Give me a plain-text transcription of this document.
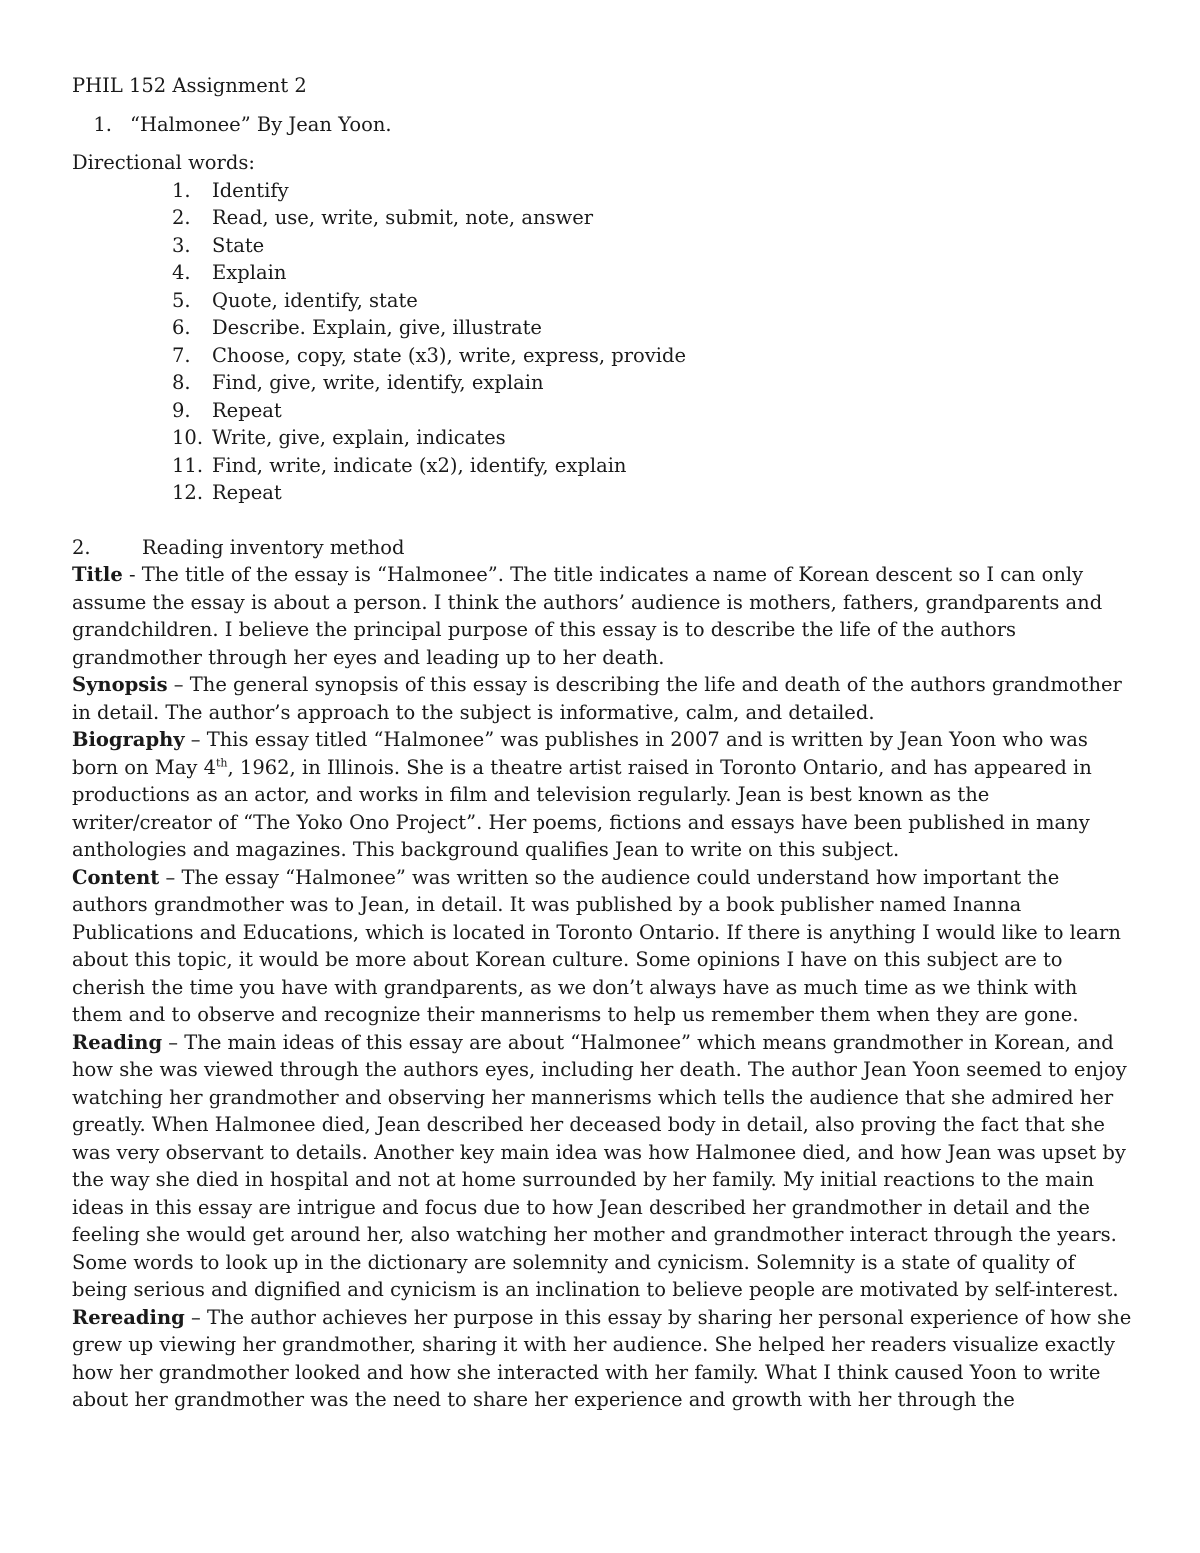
PHIL 152 Assignment 2

1. “Halmonee” By Jean Yoon.

Directional words:

1.	Identify
2.	Read, use, write, submit, note, answer
3.	State
4.	Explain
5.	Quote, identify, state
6.	Describe. Explain, give, illustrate
7.	Choose, copy, state (x3), write, express, provide
8.	Find, give, write, identify, explain
9.	Repeat
10. Write, give, explain, indicates
11. Find, write, indicate (x2), identify, explain
12. Repeat

2.	Reading inventory method

Title - The title of the essay is “Halmonee”. The title indicates a name of Korean descent so I can only assume the essay is about a person. I think the authors’ audience is mothers, fathers, grandparents and grandchildren. I believe the principal purpose of this essay is to describe the life of the authors grandmother through her eyes and leading up to her death.

Synopsis – The general synopsis of this essay is describing the life and death of the authors grandmother in detail. The author’s approach to the subject is informative, calm, and detailed.

Biography – This essay titled “Halmonee” was publishes in 2007 and is written by Jean Yoon who was born on May 4th, 1962, in Illinois. She is a theatre artist raised in Toronto Ontario, and has appeared in productions as an actor, and works in film and television regularly. Jean is best known as the writer/creator of “The Yoko Ono Project”. Her poems, fictions and essays have been published in many anthologies and magazines. This background qualifies Jean to write on this subject.

Content – The essay “Halmonee” was written so the audience could understand how important the authors grandmother was to Jean, in detail. It was published by a book publisher named Inanna Publications and Educations, which is located in Toronto Ontario. If there is anything I would like to learn about this topic, it would be more about Korean culture. Some opinions I have on this subject are to cherish the time you have with grandparents, as we don’t always have as much time as we think with them and to observe and recognize their mannerisms to help us remember them when they are gone.

Reading – The main ideas of this essay are about “Halmonee” which means grandmother in Korean, and how she was viewed through the authors eyes, including her death. The author Jean Yoon seemed to enjoy watching her grandmother and observing her mannerisms which tells the audience that she admired her greatly. When Halmonee died, Jean described her deceased body in detail, also proving the fact that she was very observant to details. Another key main idea was how Halmonee died, and how Jean was upset by the way she died in hospital and not at home surrounded by her family. My initial reactions to the main ideas in this essay are intrigue and focus due to how Jean described her grandmother in detail and the feeling she would get around her, also watching her mother and grandmother interact through the years. Some words to look up in the dictionary are solemnity and cynicism. Solemnity is a state of quality of being serious and dignified and cynicism is an inclination to believe people are motivated by self-interest.

Rereading – The author achieves her purpose in this essay by sharing her personal experience of how she grew up viewing her grandmother, sharing it with her audience. She helped her readers visualize exactly how her grandmother looked and how she interacted with her family. What I think caused Yoon to write about her grandmother was the need to share her experience and growth with her through the
